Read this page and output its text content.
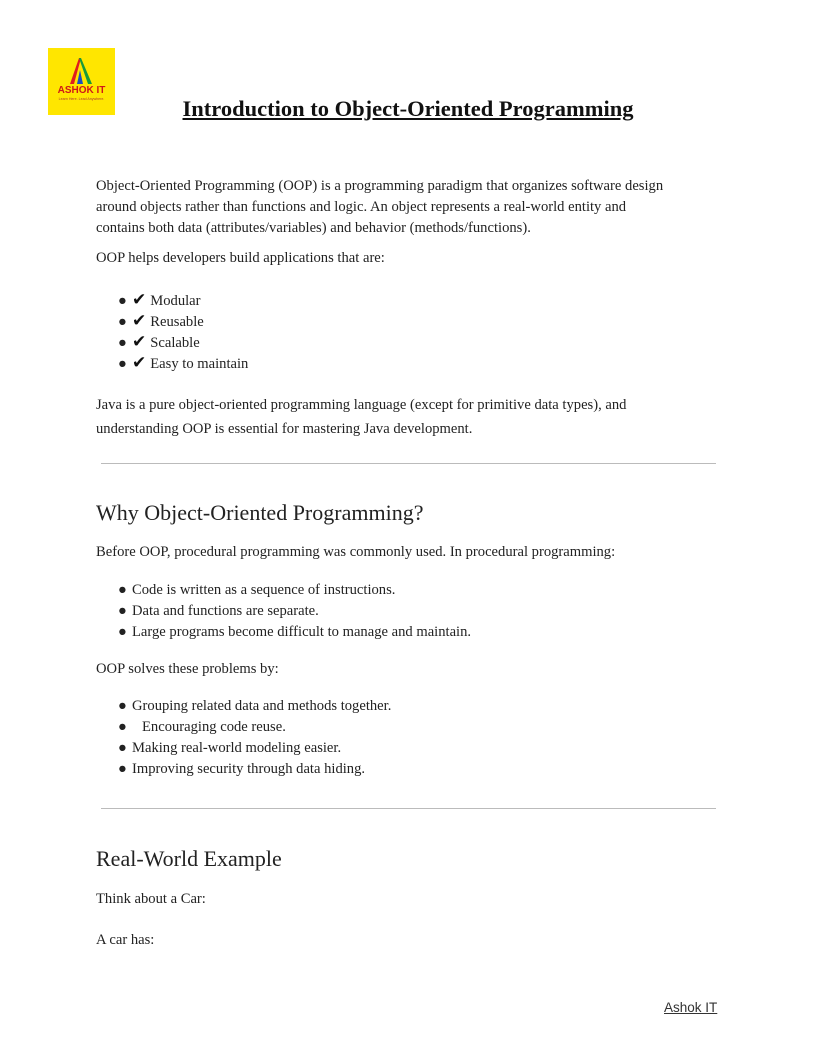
ASHOK IT
Learn Here. Lead Anywhere.	Introduction to Object-Oriented Programming
Object-Oriented Programming (OOP) is a programming paradigm that organizes software design
around objects rather than functions and logic. An object represents a real-world entity and
contains both data (attributes/variables) and behavior (methods/functions).

OOP helps developers build applications that are:

● ✔ Modular
● ✔ Reusable
● ✔ Scalable
● ✔ Easy to maintain
Java is a pure object-oriented programming language (except for primitive data types), and
understanding OOP is essential for mastering Java development.
Why Object-Oriented Programming?

Before OOP, procedural programming was commonly used. In procedural programming:

● Code is written as a sequence of instructions.
● Data and functions are separate.
● Large programs become difficult to manage and maintain.

OOP solves these problems by:

● Grouping related data and methods together.
● Encouraging code reuse.
● Making real-world modeling easier.
● Improving security through data hiding.
Real-World Example

Think about a Car:

A car has:

Ashok IT
